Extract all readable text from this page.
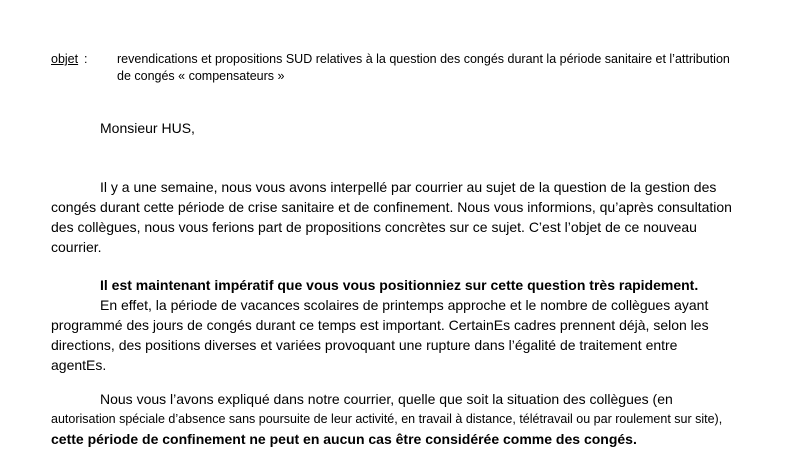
objet : revendications et propositions SUD relatives à la question des congés durant la période sanitaire et l’attribution
de congés « compensateurs »
Monsieur HUS,
Il y a une semaine, nous vous avons interpellé par courrier au sujet de la question de la gestion des
congés durant cette période de crise sanitaire et de confinement. Nous vous informions, qu’après consultation
des collègues, nous vous ferions part de propositions concrètes sur ce sujet. C’est l’objet de ce nouveau
courrier.
Il est maintenant impératif que vous vous positionniez sur cette question très rapidement.
En effet, la période de vacances scolaires de printemps approche et le nombre de collègues ayant
programmé des jours de congés durant ce temps est important. CertainEs cadres prennent déjà, selon les
directions, des positions diverses et variées provoquant une rupture dans l’égalité de traitement entre
agentEs.
Nous vous l’avons expliqué dans notre courrier, quelle que soit la situation des collègues (en
autorisation spéciale d’absence sans poursuite de leur activité, en travail à distance, télétravail ou par roulement sur site),
cette période de confinement ne peut en aucun cas être considérée comme des congés.
